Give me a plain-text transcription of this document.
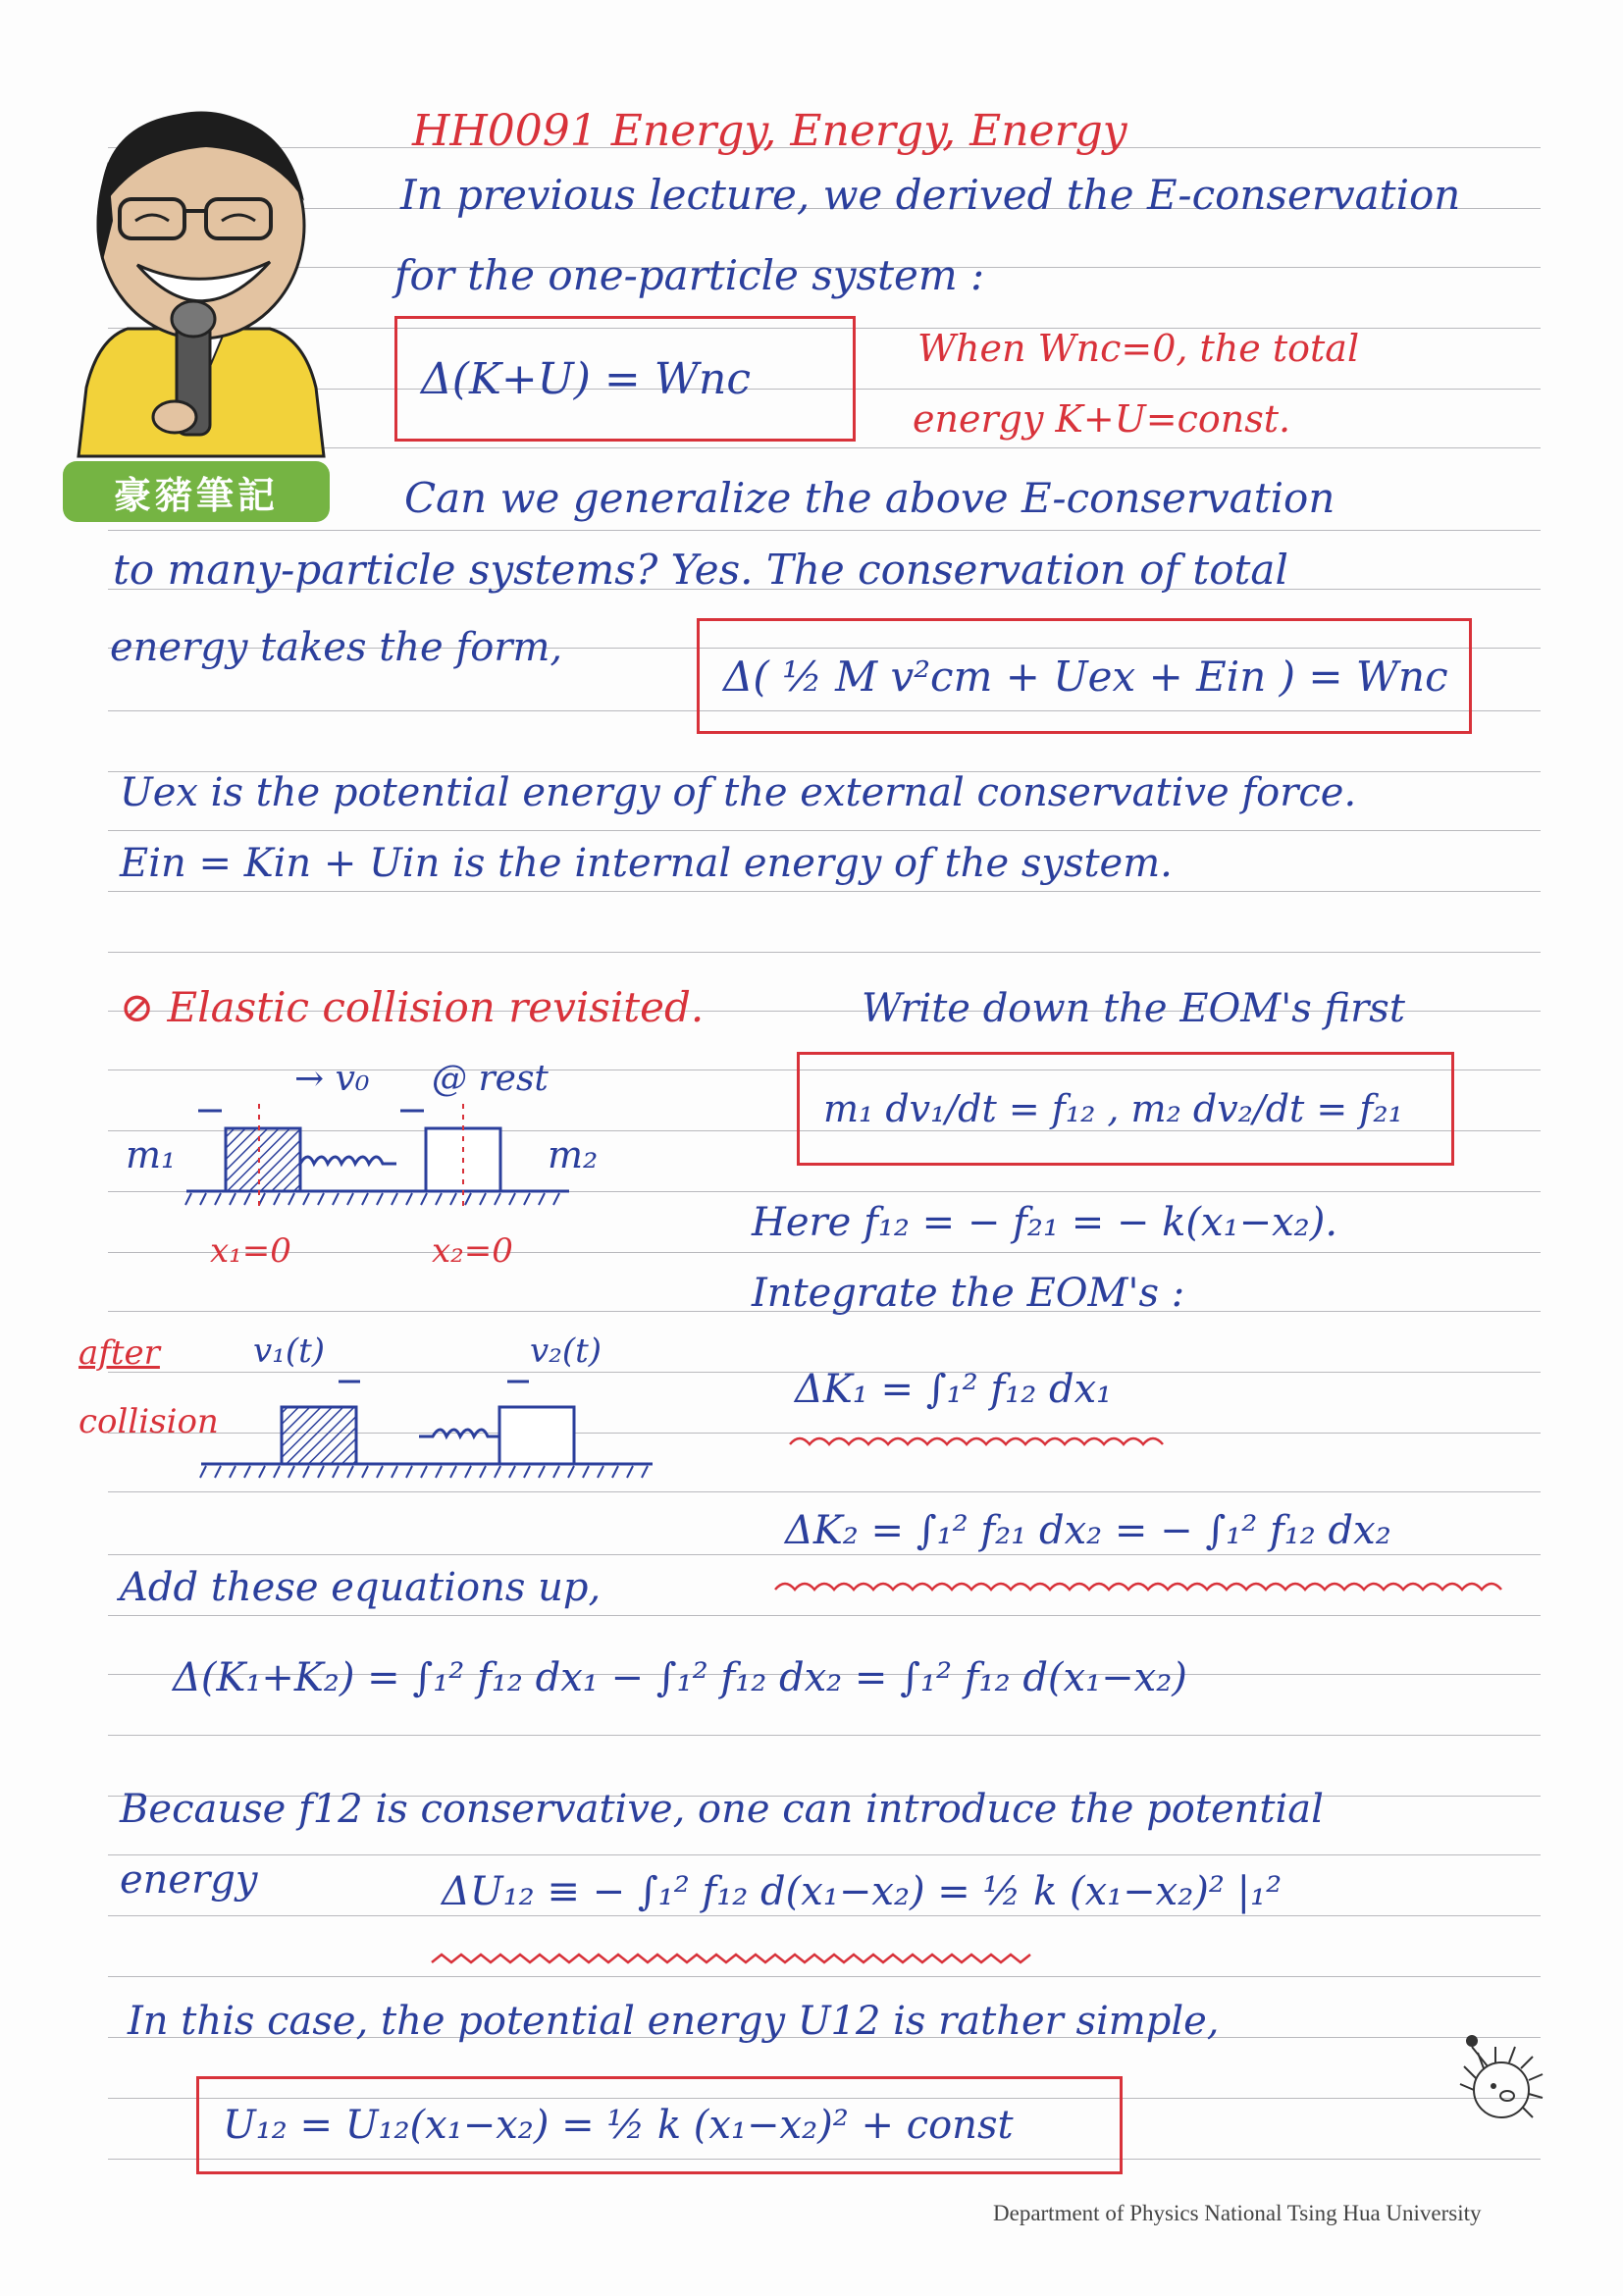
豪豬筆記
HH0091 Energy, Energy, Energy
In previous lecture, we derived the E-conservation
for the one-particle system :
Δ(K+U) = Wnc
When Wnc=0, the total
energy K+U=const.
Can we generalize the above E-conservation
to many-particle systems? Yes. The conservation of total
energy takes the form,
Δ( ½ M v²cm + Uex + Ein ) = Wnc
Uex is the potential energy of the external conservative force.
Ein = Kin + Uin is the internal energy of the system.
⊘ Elastic collision revisited.	Write down the EOM's first
→ v₀ @ rest
m₁	m₂
x₁=0	x₂=0
m₁ dv₁/dt = f₁₂ , m₂ dv₂/dt = f₂₁
Here f₁₂ = − f₂₁ = − k(x₁−x₂).
Integrate the EOM's :
after
collision
v₁(t)	v₂(t)
ΔK₁ = ∫₁² f₁₂ dx₁
ΔK₂ = ∫₁² f₂₁ dx₂ = − ∫₁² f₁₂ dx₂
Add these equations up,
Δ(K₁+K₂) = ∫₁² f₁₂ dx₁ − ∫₁² f₁₂ dx₂ = ∫₁² f₁₂ d(x₁−x₂)
Because f12 is conservative, one can introduce the potential
energy	ΔU₁₂ ≡ − ∫₁² f₁₂ d(x₁−x₂) = ½ k (x₁−x₂)² |₁²
In this case, the potential energy U12 is rather simple,
U₁₂ = U₁₂(x₁−x₂) = ½ k (x₁−x₂)² + const
Department of Physics National Tsing Hua University
